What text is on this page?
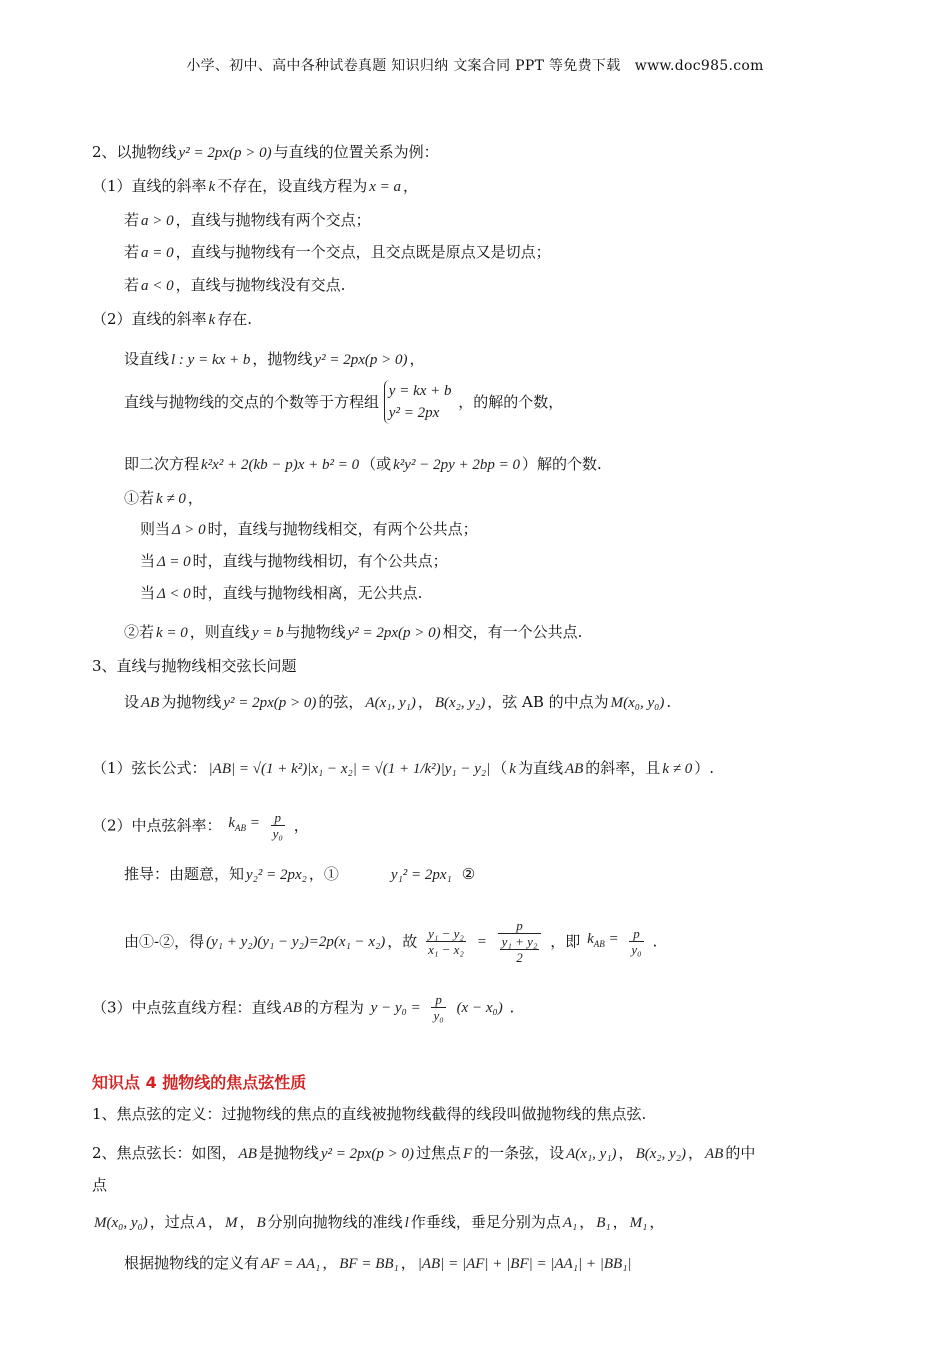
小学、初中、高中各种试卷真题 知识归纳 文案合同 PPT 等免费下载　www.doc985.com
2、以抛物线 y² = 2px(p > 0) 与直线的位置关系为例：
（1）直线的斜率 k 不存在，设直线方程为 x = a ，
若 a > 0 ，直线与抛物线有两个交点；
若 a = 0 ，直线与抛物线有一个交点，且交点既是原点又是切点；
若 a < 0 ，直线与抛物线没有交点.
（2）直线的斜率 k 存在.
设直线 l : y = kx + b ，抛物线 y² = 2px(p > 0) ，
直线与抛物线的交点的个数等于方程组
y = kx + b
y² = 2px
，的解的个数，
即二次方程 k²x² + 2(kb − p)x + b² = 0 （或 k²y² − 2py + 2bp = 0 ）解的个数.
①若 k ≠ 0 ，
则当 Δ > 0 时，直线与抛物线相交，有两个公共点；
当 Δ = 0 时，直线与抛物线相切，有个公共点；
当 Δ < 0 时，直线与抛物线相离，无公共点.
②若 k = 0 ，则直线 y = b 与抛物线 y² = 2px(p > 0) 相交，有一个公共点.
3、直线与抛物线相交弦长问题
设 AB 为抛物线 y² = 2px(p > 0) 的弦， A(x₁, y₁) ， B(x₂, y₂) ，弦 AB 的中点为 M(x₀, y₀) .
（1）弦长公式： |AB| = √(1 + k²)|x₁ − x₂| = √(1 + 1/k²)|y₁ − y₂| （ k 为直线 AB 的斜率，且 k ≠ 0 ）.
（2）中点弦斜率： $k_{AB} = \frac{p}{\text{y₀}}$ ，
推导：由题意，知 y₂² = 2px₂ ，①	y₁² = 2px₁ ②
由①-②，得 (y₁ + y₂)(y₁ − y₂)=2p(x₁ − x₂) ，故 $\frac{\text{y₁ − y₂}}{\text{x₁ − x₂}} = \frac{p}{\frac{\text{y₁ + y₂}}{2}}$ ，即 $k_{AB} = \frac{p}{\text{y₀}}$ .
（3）中点弦直线方程：直线 AB 的方程为 $y - y_0 = \frac{p}{\text{y₀}} (x - x_0)$ .
知识点 4 抛物线的焦点弦性质
1、焦点弦的定义：过抛物线的焦点的直线被抛物线截得的线段叫做抛物线的焦点弦.
2、焦点弦长：如图， AB 是抛物线 y² = 2px(p > 0) 过焦点 F 的一条弦，设 A(x₁, y₁) ， B(x₂, y₂) ， AB 的中
点
M(x₀, y₀) ，过点 A ， M ， B 分别向抛物线的准线 l 作垂线，垂足分别为点 A₁ ， B₁ ， M₁ ，
根据抛物线的定义有 AF = AA₁ ， BF = BB₁ ， |AB| = |AF| + |BF| = |AA₁| + |BB₁|
